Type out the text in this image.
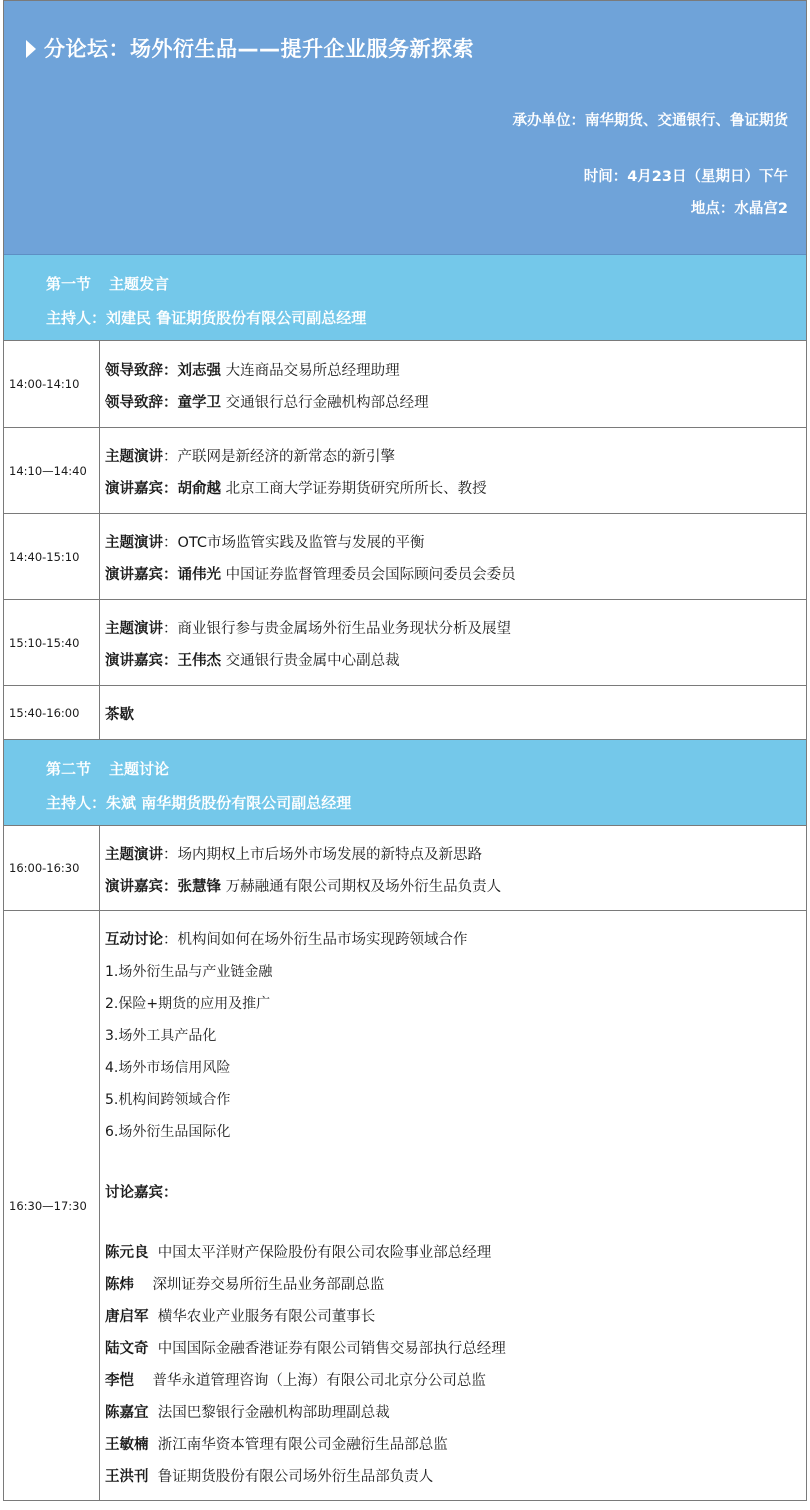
分论坛：场外衍生品——提升企业服务新探索
承办单位：南华期货、交通银行、鲁证期货
时间：4月23日（星期日）下午
地点：水晶宫2
第一节 主题发言
主持人：刘建民 鲁证期货股份有限公司副总经理
14:00-14:10
领导致辞：刘志强 大连商品交易所总经理助理
领导致辞：童学卫 交通银行总行金融机构部总经理
14:10—14:40
主题演讲：产联网是新经济的新常态的新引擎
演讲嘉宾：胡俞越 北京工商大学证券期货研究所所长、教授
14:40-15:10
主题演讲：OTC市场监管实践及监管与发展的平衡
演讲嘉宾：诵伟光 中国证券监督管理委员会国际顾问委员会委员
15:10-15:40
主题演讲：商业银行参与贵金属场外衍生品业务现状分析及展望
演讲嘉宾：王伟杰 交通银行贵金属中心副总裁
15:40-16:00	茶歇
第二节 主题讨论
主持人：朱斌 南华期货股份有限公司副总经理
16:00-16:30
主题演讲：场内期权上市后场外市场发展的新特点及新思路
演讲嘉宾：张慧锋 万赫融通有限公司期权及场外衍生品负责人
16:30—17:30
互动讨论：机构间如何在场外衍生品市场实现跨领域合作
1.场外衍生品与产业链金融
2.保险+期货的应用及推广
3.场外工具产品化
4.场外市场信用风险
5.机构间跨领域合作
6.场外衍生品国际化
讨论嘉宾：
陈元良 中国太平洋财产保险股份有限公司农险事业部总经理
陈炜 深圳证券交易所衍生品业务部副总监
唐启军 横华农业产业服务有限公司董事长
陆文奇 中国国际金融香港证券有限公司销售交易部执行总经理
李恺 普华永道管理咨询（上海）有限公司北京分公司总监
陈嘉宜 法国巴黎银行金融机构部助理副总裁
王敏楠 浙江南华资本管理有限公司金融衍生品部总监
王洪刊 鲁证期货股份有限公司场外衍生品部负责人
